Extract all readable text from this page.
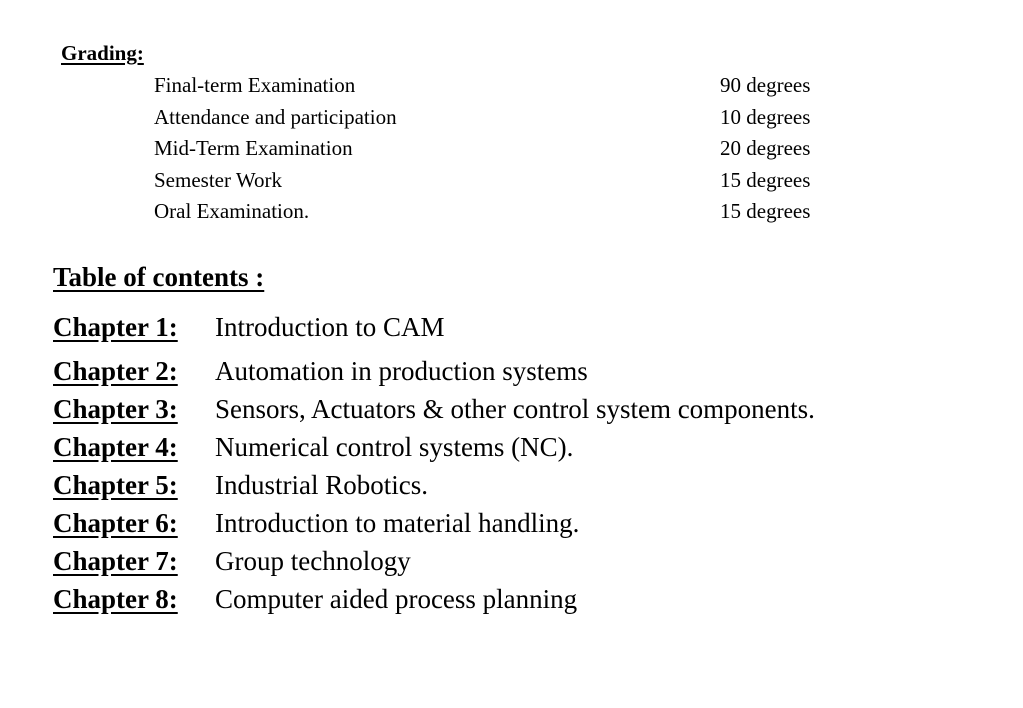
Grading:
Final-term Examination	90 degrees
Attendance and participation	10 degrees
Mid-Term Examination	20 degrees
Semester Work	15 degrees
Oral Examination.	15 degrees
Table of contents :
Chapter 1: Introduction to CAM
Chapter 2: Automation in production systems
Chapter 3: Sensors, Actuators & other control system components.
Chapter 4: Numerical control systems (NC).
Chapter 5: Industrial Robotics.
Chapter 6: Introduction to material handling.
Chapter 7: Group technology
Chapter 8: Computer aided process planning
